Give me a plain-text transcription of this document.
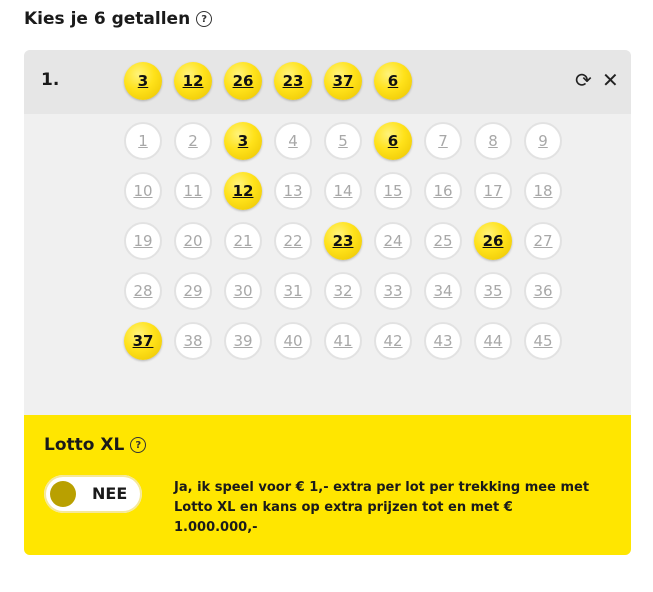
Kies je 6 getallen	?
1.	3	12	26	23	37	6	⟳ ✕
1	2	3	4	5	6	7	8	9
10	11	12	13	14	15	16	17	18
19	20	21	22	23	24	25	26	27
28	29	30	31	32	33	34	35	36
37	38	39	40	41	42	43	44	45
Lotto XL	?
NEE	Ja, ik speel voor € 1,- extra per lot per trekking mee met
Lotto XL en kans op extra prijzen tot en met € 1.000.000,-
